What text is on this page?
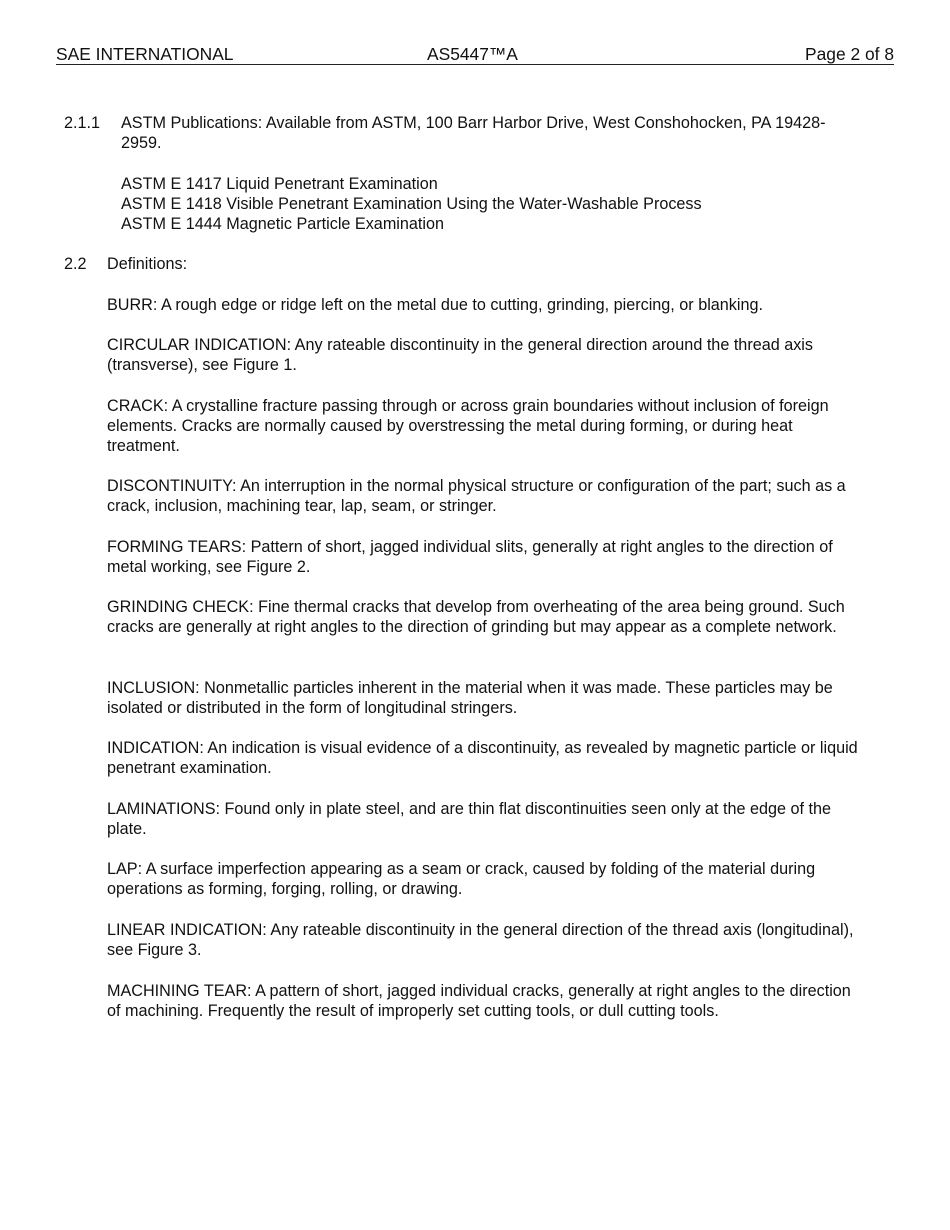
SAE INTERNATIONAL	AS5447™A	Page 2 of 8
2.1.1 ASTM Publications: Available from ASTM, 100 Barr Harbor Drive, West Conshohocken, PA 19428-2959.

ASTM E 1417 Liquid Penetrant Examination
ASTM E 1418 Visible Penetrant Examination Using the Water-Washable Process
ASTM E 1444 Magnetic Particle Examination
2.2 Definitions:

BURR: A rough edge or ridge left on the metal due to cutting, grinding, piercing, or blanking.

CIRCULAR INDICATION: Any rateable discontinuity in the general direction around the thread axis (transverse), see Figure 1.

CRACK: A crystalline fracture passing through or across grain boundaries without inclusion of foreign elements. Cracks are normally caused by overstressing the metal during forming, or during heat treatment.

DISCONTINUITY: An interruption in the normal physical structure or configuration of the part; such as a crack, inclusion, machining tear, lap, seam, or stringer.

FORMING TEARS: Pattern of short, jagged individual slits, generally at right angles to the direction of metal working, see Figure 2.

GRINDING CHECK: Fine thermal cracks that develop from overheating of the area being ground. Such cracks are generally at right angles to the direction of grinding but may appear as a complete network.

INCLUSION: Nonmetallic particles inherent in the material when it was made. These particles may be isolated or distributed in the form of longitudinal stringers.

INDICATION: An indication is visual evidence of a discontinuity, as revealed by magnetic particle or liquid penetrant examination.

LAMINATIONS: Found only in plate steel, and are thin flat discontinuities seen only at the edge of the plate.

LAP: A surface imperfection appearing as a seam or crack, caused by folding of the material during operations as forming, forging, rolling, or drawing.

LINEAR INDICATION: Any rateable discontinuity in the general direction of the thread axis (longitudinal), see Figure 3.

MACHINING TEAR: A pattern of short, jagged individual cracks, generally at right angles to the direction of machining. Frequently the result of improperly set cutting tools, or dull cutting tools.
